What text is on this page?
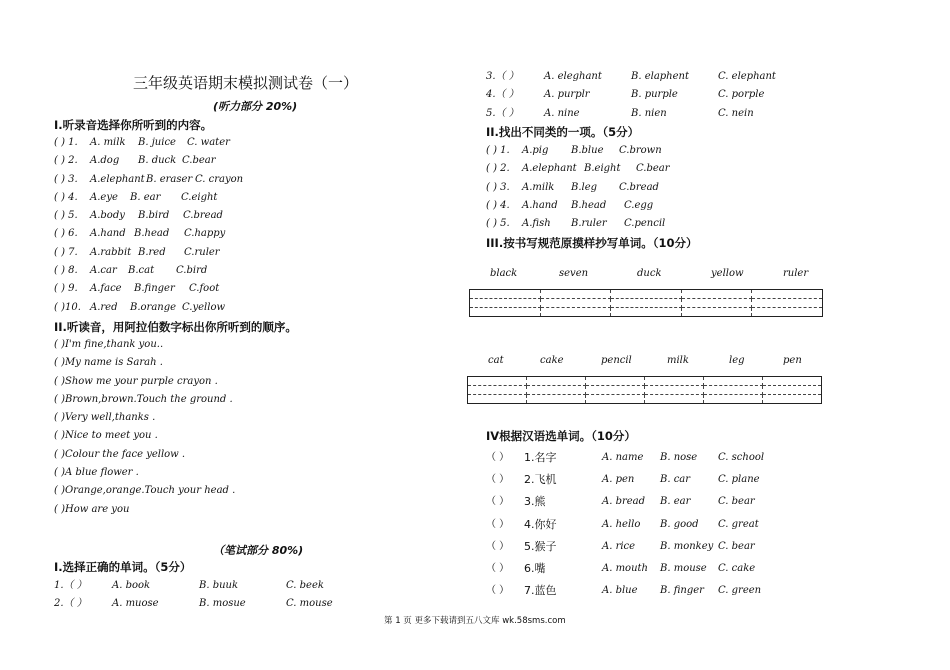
三年级英语期末模拟测试卷（一）
(听力部分 20%)
I.听录音选择你所听到的内容。
( ) 1. A. milk B. juice C. water
( ) 2. A.dog B. duck C.bear
( ) 3. A.elephant B. eraser C. crayon
( ) 4. A.eye B. ear C.eight
( ) 5. A.body B.bird C.bread
( ) 6. A.hand B.head C.happy
( ) 7. A.rabbit B.red C.ruler
( ) 8. A.car B.cat C.bird
( ) 9. A.face B.finger C.foot
( )10. A.red B.orange C.yellow
II.听读音，用阿拉伯数字标出你所听到的顺序。
( )I'm fine,thank you..
( )My name is Sarah .
( )Show me your purple crayon .
( )Brown,brown.Touch the ground .
( )Very well,thanks .
( )Nice to meet you .
( )Colour the face yellow .
( )A blue flower .
( )Orange,orange.Touch your head .
( )How are you
（笔试部分 80%)
I.选择正确的单词。（5分）
1.（ ）	A. book	B. buuk	C. beek
2.（ ）	A. muose	B. mosue	C. mouse
3.（ ）	A. eleghant	B. elaphent	C. elephant
4.（ ）	A. purplr	B. purple	C. porple
5.（ ）	A. nine	B. nien	C. nein
II.找出不同类的一项。（5分）
( ) 1. A.pig B.blue C.brown
( ) 2. A.elephant B.eight C.bear
( ) 3. A.milk B.leg C.bread
( ) 4. A.hand B.head C.egg
( ) 5. A.fish B.ruler C.pencil
III.按书写规范原摸样抄写单词。（10分）
black	seven	duck	yellow	ruler

cat	cake	pencil	milk	leg	pen

IV根据汉语选单词。（10分）
（ ） 1.名字	A. name B. nose C. school
（ ） 2.飞机	A. pen	B. car	C. plane
（ ） 3.熊	A. bread B. ear	C. bear
（ ） 4.你好	A. hello B. good C. great
（ ） 5.猴子	A. rice B. monkey C. bear
（ ） 6.嘴	A. mouth B. mouse C. cake
（ ） 7.蓝色	A. blue B. finger C. green
第 1 页 更多下载请到五八文库 wk.58sms.com
